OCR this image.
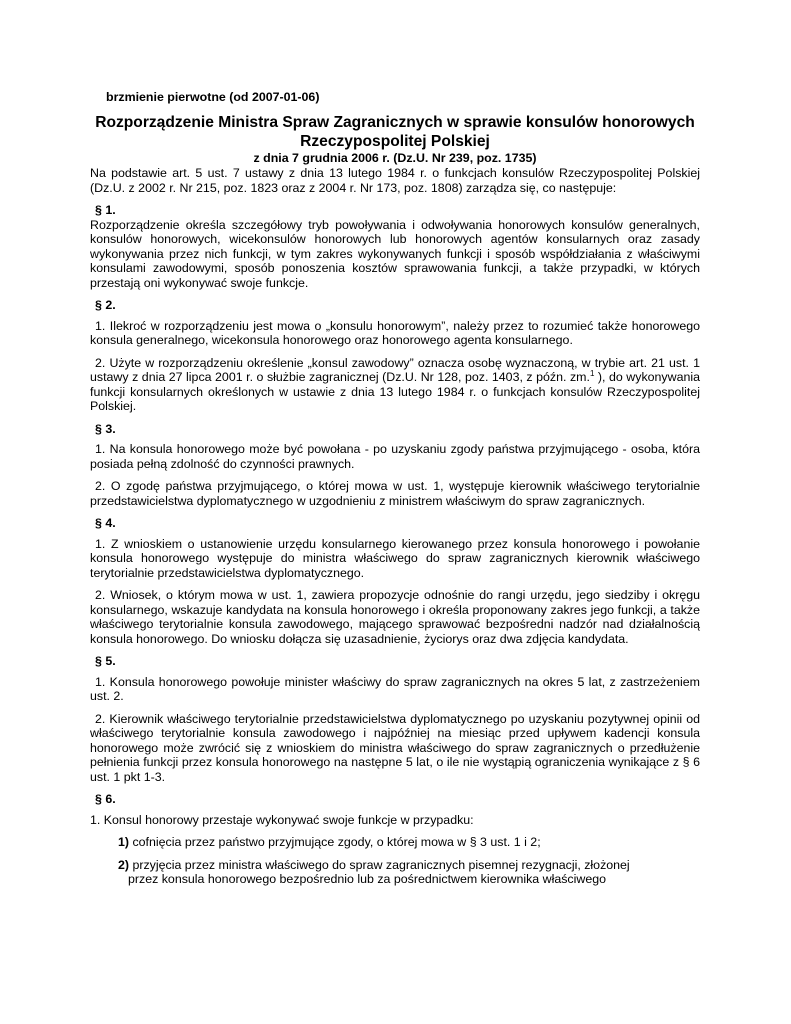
brzmienie pierwotne (od 2007-01-06)
Rozporządzenie Ministra Spraw Zagranicznych w sprawie konsulów honorowych Rzeczypospolitej Polskiej
z dnia 7 grudnia 2006 r. (Dz.U. Nr 239, poz. 1735)
Na podstawie art. 5 ust. 7 ustawy z dnia 13 lutego 1984 r. o funkcjach konsulów Rzeczypospolitej Polskiej (Dz.U. z 2002 r. Nr 215, poz. 1823 oraz z 2004 r. Nr 173, poz. 1808) zarządza się, co następuje:
§ 1.
Rozporządzenie określa szczegółowy tryb powoływania i odwoływania honorowych konsulów generalnych, konsulów honorowych, wicekonsulów honorowych lub honorowych agentów konsularnych oraz zasady wykonywania przez nich funkcji, w tym zakres wykonywanych funkcji i sposób współdziałania z właściwymi konsulami zawodowymi, sposób ponoszenia kosztów sprawowania funkcji, a także przypadki, w których przestają oni wykonywać swoje funkcje.
§ 2.
1. Ilekroć w rozporządzeniu jest mowa o „konsulu honorowym”, należy przez to rozumieć także honorowego konsula generalnego, wicekonsula honorowego oraz honorowego agenta konsularnego.
2. Użyte w rozporządzeniu określenie „konsul zawodowy” oznacza osobę wyznaczoną, w trybie art. 21 ust. 1 ustawy z dnia 27 lipca 2001 r. o służbie zagranicznej (Dz.U. Nr 128, poz. 1403, z późn. zm.$^1$ ), do wykonywania funkcji konsularnych określonych w ustawie z dnia 13 lutego 1984 r. o funkcjach konsulów Rzeczypospolitej Polskiej.
§ 3.
1. Na konsula honorowego może być powołana - po uzyskaniu zgody państwa przyjmującego - osoba, która posiada pełną zdolność do czynności prawnych.
2. O zgodę państwa przyjmującego, o której mowa w ust. 1, występuje kierownik właściwego terytorialnie przedstawicielstwa dyplomatycznego w uzgodnieniu z ministrem właściwym do spraw zagranicznych.
§ 4.
1. Z wnioskiem o ustanowienie urzędu konsularnego kierowanego przez konsula honorowego i powołanie konsula honorowego występuje do ministra właściwego do spraw zagranicznych kierownik właściwego terytorialnie przedstawicielstwa dyplomatycznego.
2. Wniosek, o którym mowa w ust. 1, zawiera propozycje odnośnie do rangi urzędu, jego siedziby i okręgu konsularnego, wskazuje kandydata na konsula honorowego i określa proponowany zakres jego funkcji, a także właściwego terytorialnie konsula zawodowego, mającego sprawować bezpośredni nadzór nad działalnością konsula honorowego. Do wniosku dołącza się uzasadnienie, życiorys oraz dwa zdjęcia kandydata.
§ 5.
1. Konsula honorowego powołuje minister właściwy do spraw zagranicznych na okres 5 lat, z zastrzeżeniem ust. 2.
2. Kierownik właściwego terytorialnie przedstawicielstwa dyplomatycznego po uzyskaniu pozytywnej opinii od właściwego terytorialnie konsula zawodowego i najpóźniej na miesiąc przed upływem kadencji konsula honorowego może zwrócić się z wnioskiem do ministra właściwego do spraw zagranicznych o przedłużenie pełnienia funkcji przez konsula honorowego na następne 5 lat, o ile nie wystąpią ograniczenia wynikające z § 6 ust. 1 pkt 1-3.
§ 6.
1. Konsul honorowy przestaje wykonywać swoje funkcje w przypadku:
1) cofnięcia przez państwo przyjmujące zgody, o której mowa w § 3 ust. 1 i 2;
2) przyjęcia przez ministra właściwego do spraw zagranicznych pisemnej rezygnacji, złożonej
przez konsula honorowego bezpośrednio lub za pośrednictwem kierownika właściwego
